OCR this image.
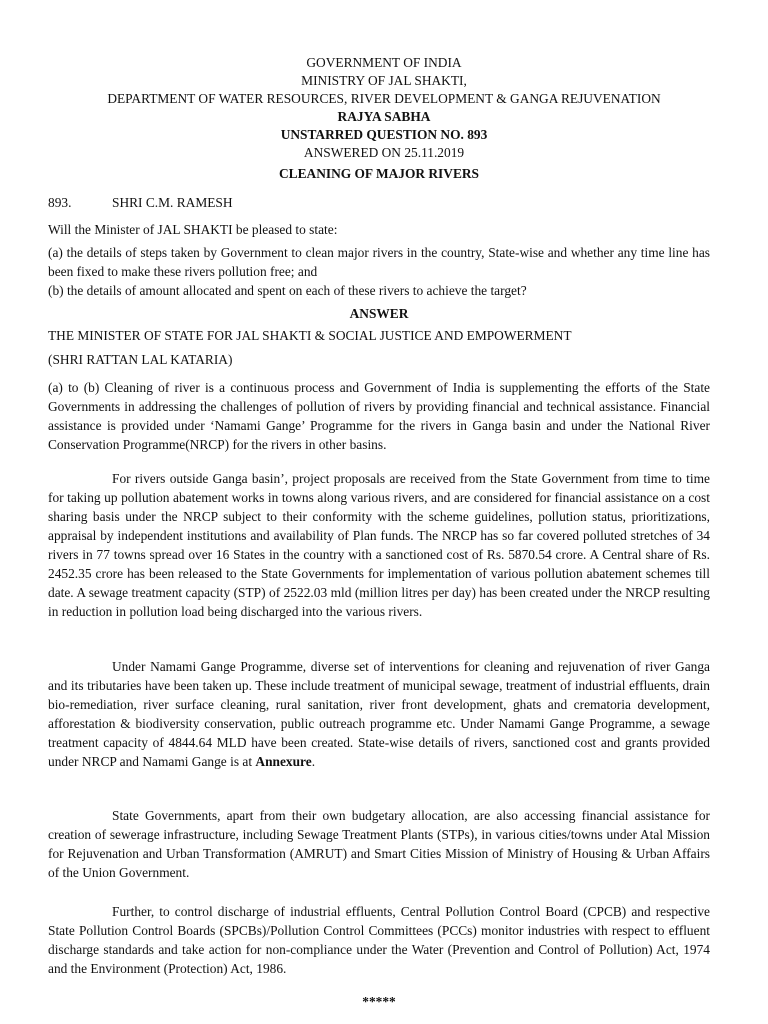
GOVERNMENT OF INDIA
MINISTRY OF JAL SHAKTI,
DEPARTMENT OF WATER RESOURCES, RIVER DEVELOPMENT & GANGA REJUVENATION
RAJYA SABHA
UNSTARRED QUESTION NO. 893
ANSWERED ON 25.11.2019
CLEANING OF MAJOR RIVERS
893.	SHRI C.M. RAMESH

Will the Minister of JAL SHAKTI be pleased to state:

(a) the details of steps taken by Government to clean major rivers in the country, State-wise and whether any time line has been fixed to make these rivers pollution free; and

(b) the details of amount allocated and spent on each of these rivers to achieve the target?

ANSWER

THE MINISTER OF STATE FOR JAL SHAKTI & SOCIAL JUSTICE AND EMPOWERMENT

(SHRI RATTAN LAL KATARIA)

(a) to (b) Cleaning of river is a continuous process and Government of India is supplementing the efforts of the State Governments in addressing the challenges of pollution of rivers by providing financial and technical assistance. Financial assistance is provided under ‘Namami Gange’ Programme for the rivers in Ganga basin and under the National River Conservation Programme(NRCP) for the rivers in other basins.

For rivers outside Ganga basin’, project proposals are received from the State Government from time to time for taking up pollution abatement works in towns along various rivers, and are considered for financial assistance on a cost sharing basis under the NRCP subject to their conformity with the scheme guidelines, pollution status, prioritizations, appraisal by independent institutions and availability of Plan funds. The NRCP has so far covered polluted stretches of 34 rivers in 77 towns spread over 16 States in the country with a sanctioned cost of Rs. 5870.54 crore. A Central share of Rs. 2452.35 crore has been released to the State Governments for implementation of various pollution abatement schemes till date. A sewage treatment capacity (STP) of 2522.03 mld (million litres per day) has been created under the NRCP resulting in reduction in pollution load being discharged into the various rivers.

Under Namami Gange Programme, diverse set of interventions for cleaning and rejuvenation of river Ganga and its tributaries have been taken up. These include treatment of municipal sewage, treatment of industrial effluents, drain bio-remediation, river surface cleaning, rural sanitation, river front development, ghats and crematoria development, afforestation & biodiversity conservation, public outreach programme etc. Under Namami Gange Programme, a sewage treatment capacity of 4844.64 MLD have been created. State-wise details of rivers, sanctioned cost and grants provided under NRCP and Namami Gange is at Annexure.

State Governments, apart from their own budgetary allocation, are also accessing financial assistance for creation of sewerage infrastructure, including Sewage Treatment Plants (STPs), in various cities/towns under Atal Mission for Rejuvenation and Urban Transformation (AMRUT) and Smart Cities Mission of Ministry of Housing & Urban Affairs of the Union Government.

Further, to control discharge of industrial effluents, Central Pollution Control Board (CPCB) and respective State Pollution Control Boards (SPCBs)/Pollution Control Committees (PCCs) monitor industries with respect to effluent discharge standards and take action for non-compliance under the Water (Prevention and Control of Pollution) Act, 1974 and the Environment (Protection) Act, 1986.

*****
